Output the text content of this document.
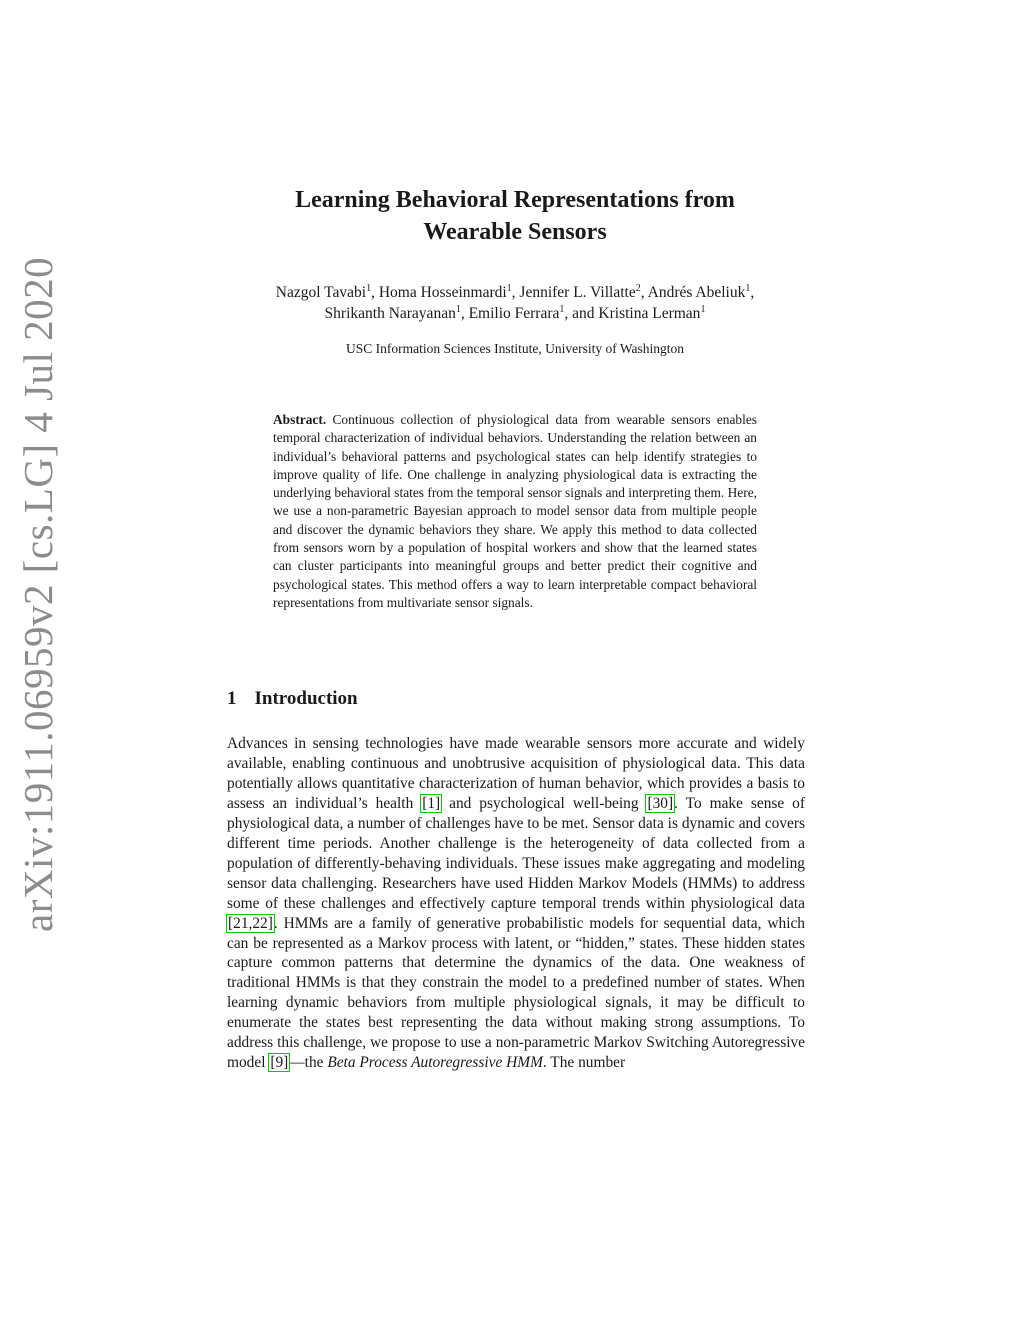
arXiv:1911.06959v2 [cs.LG] 4 Jul 2020
Learning Behavioral Representations from
Wearable Sensors
Nazgol Tavabi$^1$, Homa Hosseinmardi$^1$, Jennifer L. Villatte$^2$, Andrés Abeliuk$^1$,
Shrikanth Narayanan$^1$, Emilio Ferrara$^1$, and Kristina Lerman$^1$
USC Information Sciences Institute, University of Washington
Abstract. Continuous collection of physiological data from wearable sensors enables temporal characterization of individual behaviors. Understanding the relation between an individual’s behavioral patterns and psychological states can help identify strategies to improve quality of life. One challenge in analyzing physiological data is extracting the underlying behavioral states from the temporal sensor signals and interpreting them. Here, we use a non-parametric Bayesian approach to model sensor data from multiple people and discover the dynamic behaviors they share. We apply this method to data collected from sensors worn by a population of hospital workers and show that the learned states can cluster participants into meaningful groups and better predict their cognitive and psychological states. This method offers a way to learn interpretable compact behavioral representations from multivariate sensor signals.
1 Introduction
Advances in sensing technologies have made wearable sensors more accurate and widely available, enabling continuous and unobtrusive acquisition of physiological data. This data potentially allows quantitative characterization of human behavior, which provides a basis to assess an individual’s health [1] and psychological well-being [30]. To make sense of physiological data, a number of challenges have to be met. Sensor data is dynamic and covers different time periods. Another challenge is the heterogeneity of data collected from a population of differently-behaving individuals. These issues make aggregating and modeling sensor data challenging. Researchers have used Hidden Markov Models (HMMs) to address some of these challenges and effectively capture temporal trends within physiological data [21,22]. HMMs are a family of generative probabilistic models for sequential data, which can be represented as a Markov process with latent, or “hidden,” states. These hidden states capture common patterns that determine the dynamics of the data. One weakness of traditional HMMs is that they constrain the model to a predefined number of states. When learning dynamic behaviors from multiple physiological signals, it may be difficult to enumerate the states best representing the data without making strong assumptions. To address this challenge, we propose to use a non-parametric Markov Switching Autoregressive model [9]—the Beta Process Autoregressive HMM. The number
